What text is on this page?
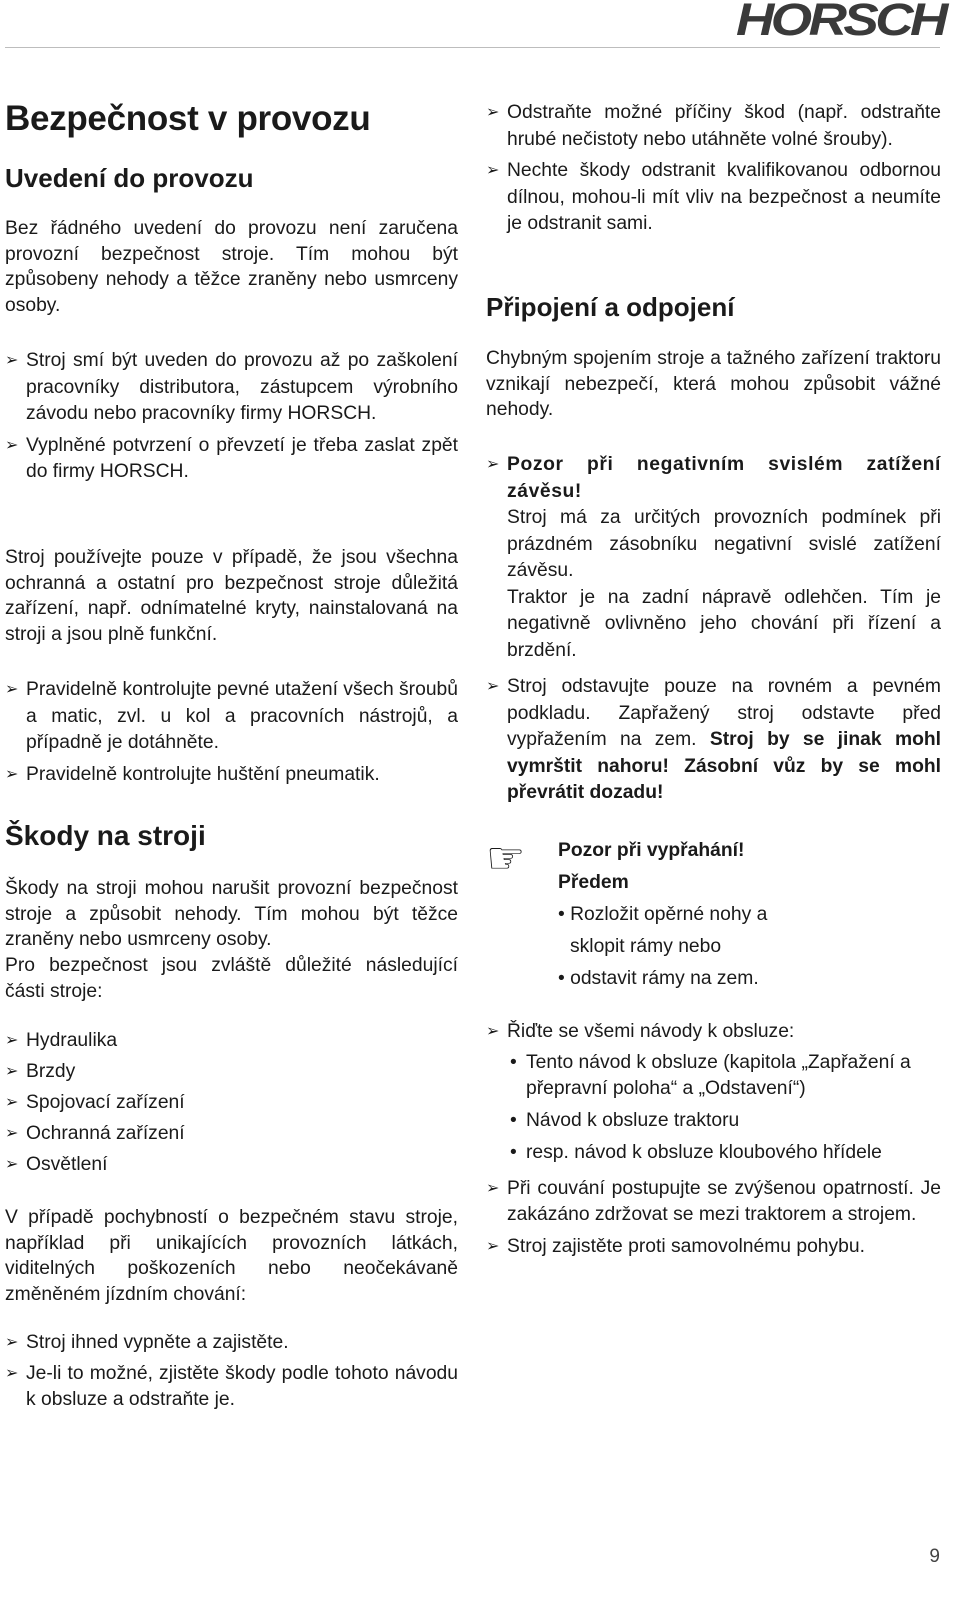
HORSCH
Bezpečnost v provozu
Uvedení do provozu

Bez řádného uvedení do provozu není zaručena provozní bezpečnost stroje. Tím mohou být způsobeny nehody a těžce zraněny nebo usmrceny osoby.

➢ Stroj smí být uveden do provozu až po zaškolení pracovníky distributora, zástupcem výrobního závodu nebo pracovníky firmy HORSCH.
➢ Vyplněné potvrzení o převzetí je třeba zaslat zpět do firmy HORSCH.

Stroj používejte pouze v případě, že jsou všechna ochranná a ostatní pro bezpečnost stroje důležitá zařízení, např. odnímatelné kryty, nainstalovaná na stroji a jsou plně funkční.

➢ Pravidelně kontrolujte pevné utažení všech šroubů a matic, zvl. u kol a pracovních nástrojů, a případně je dotáhněte.
➢ Pravidelně kontrolujte huštění pneumatik.
Škody na stroji

Škody na stroji mohou narušit provozní bezpečnost stroje a způsobit nehody. Tím mohou být těžce zraněny nebo usmrceny osoby.
Pro bezpečnost jsou zvláště důležité následující části stroje:

➢ Hydraulika
➢ Brzdy
➢ Spojovací zařízení
➢ Ochranná zařízení
➢ Osvětlení

V případě pochybností o bezpečném stavu stroje, například při unikajících provozních látkách, viditelných poškozeních nebo neočekávaně změněném jízdním chování:

➢ Stroj ihned vypněte a zajistěte.
➢ Je-li to možné, zjistěte škody podle tohoto návodu k obsluze a odstraňte je.
➢ Odstraňte možné příčiny škod (např. odstraňte hrubé nečistoty nebo utáhněte volné šrouby).
➢ Nechte škody odstranit kvalifikovanou odbornou dílnou, mohou-li mít vliv na bezpečnost a neumíte je odstranit sami.
Připojení a odpojení

Chybným spojením stroje a tažného zařízení traktoru vznikají nebezpečí, která mohou způsobit vážné nehody.

➢ Pozor při negativním svislém zatížení závěsu!
Stroj má za určitých provozních podmínek při prázdném zásobníku negativní svislé zatížení závěsu.
Traktor je na zadní nápravě odlehčen. Tím je negativně ovlivněno jeho chování při řízení a brzdění.
➢ Stroj odstavujte pouze na rovném a pevném podkladu. Zapřažený stroj odstavte před vypřažením na zem. Stroj by se jinak mohl vymrštit nahoru! Zásobní vůz by se mohl převrátit dozadu!
☞ Pozor při vypřahání!
Předem
• Rozložit opěrné nohy a sklopit rámy nebo
• odstavit rámy na zem.
➢ Řiďte se všemi návody k obsluze:
• Tento návod k obsluze (kapitola „Zapřažení a přepravní poloha“ a „Odstavení“)
• Návod k obsluze traktoru
• resp. návod k obsluze kloubového hřídele
➢ Při couvání postupujte se zvýšenou opatrností. Je zakázáno zdržovat se mezi traktorem a strojem.
➢ Stroj zajistěte proti samovolnému pohybu.
9
